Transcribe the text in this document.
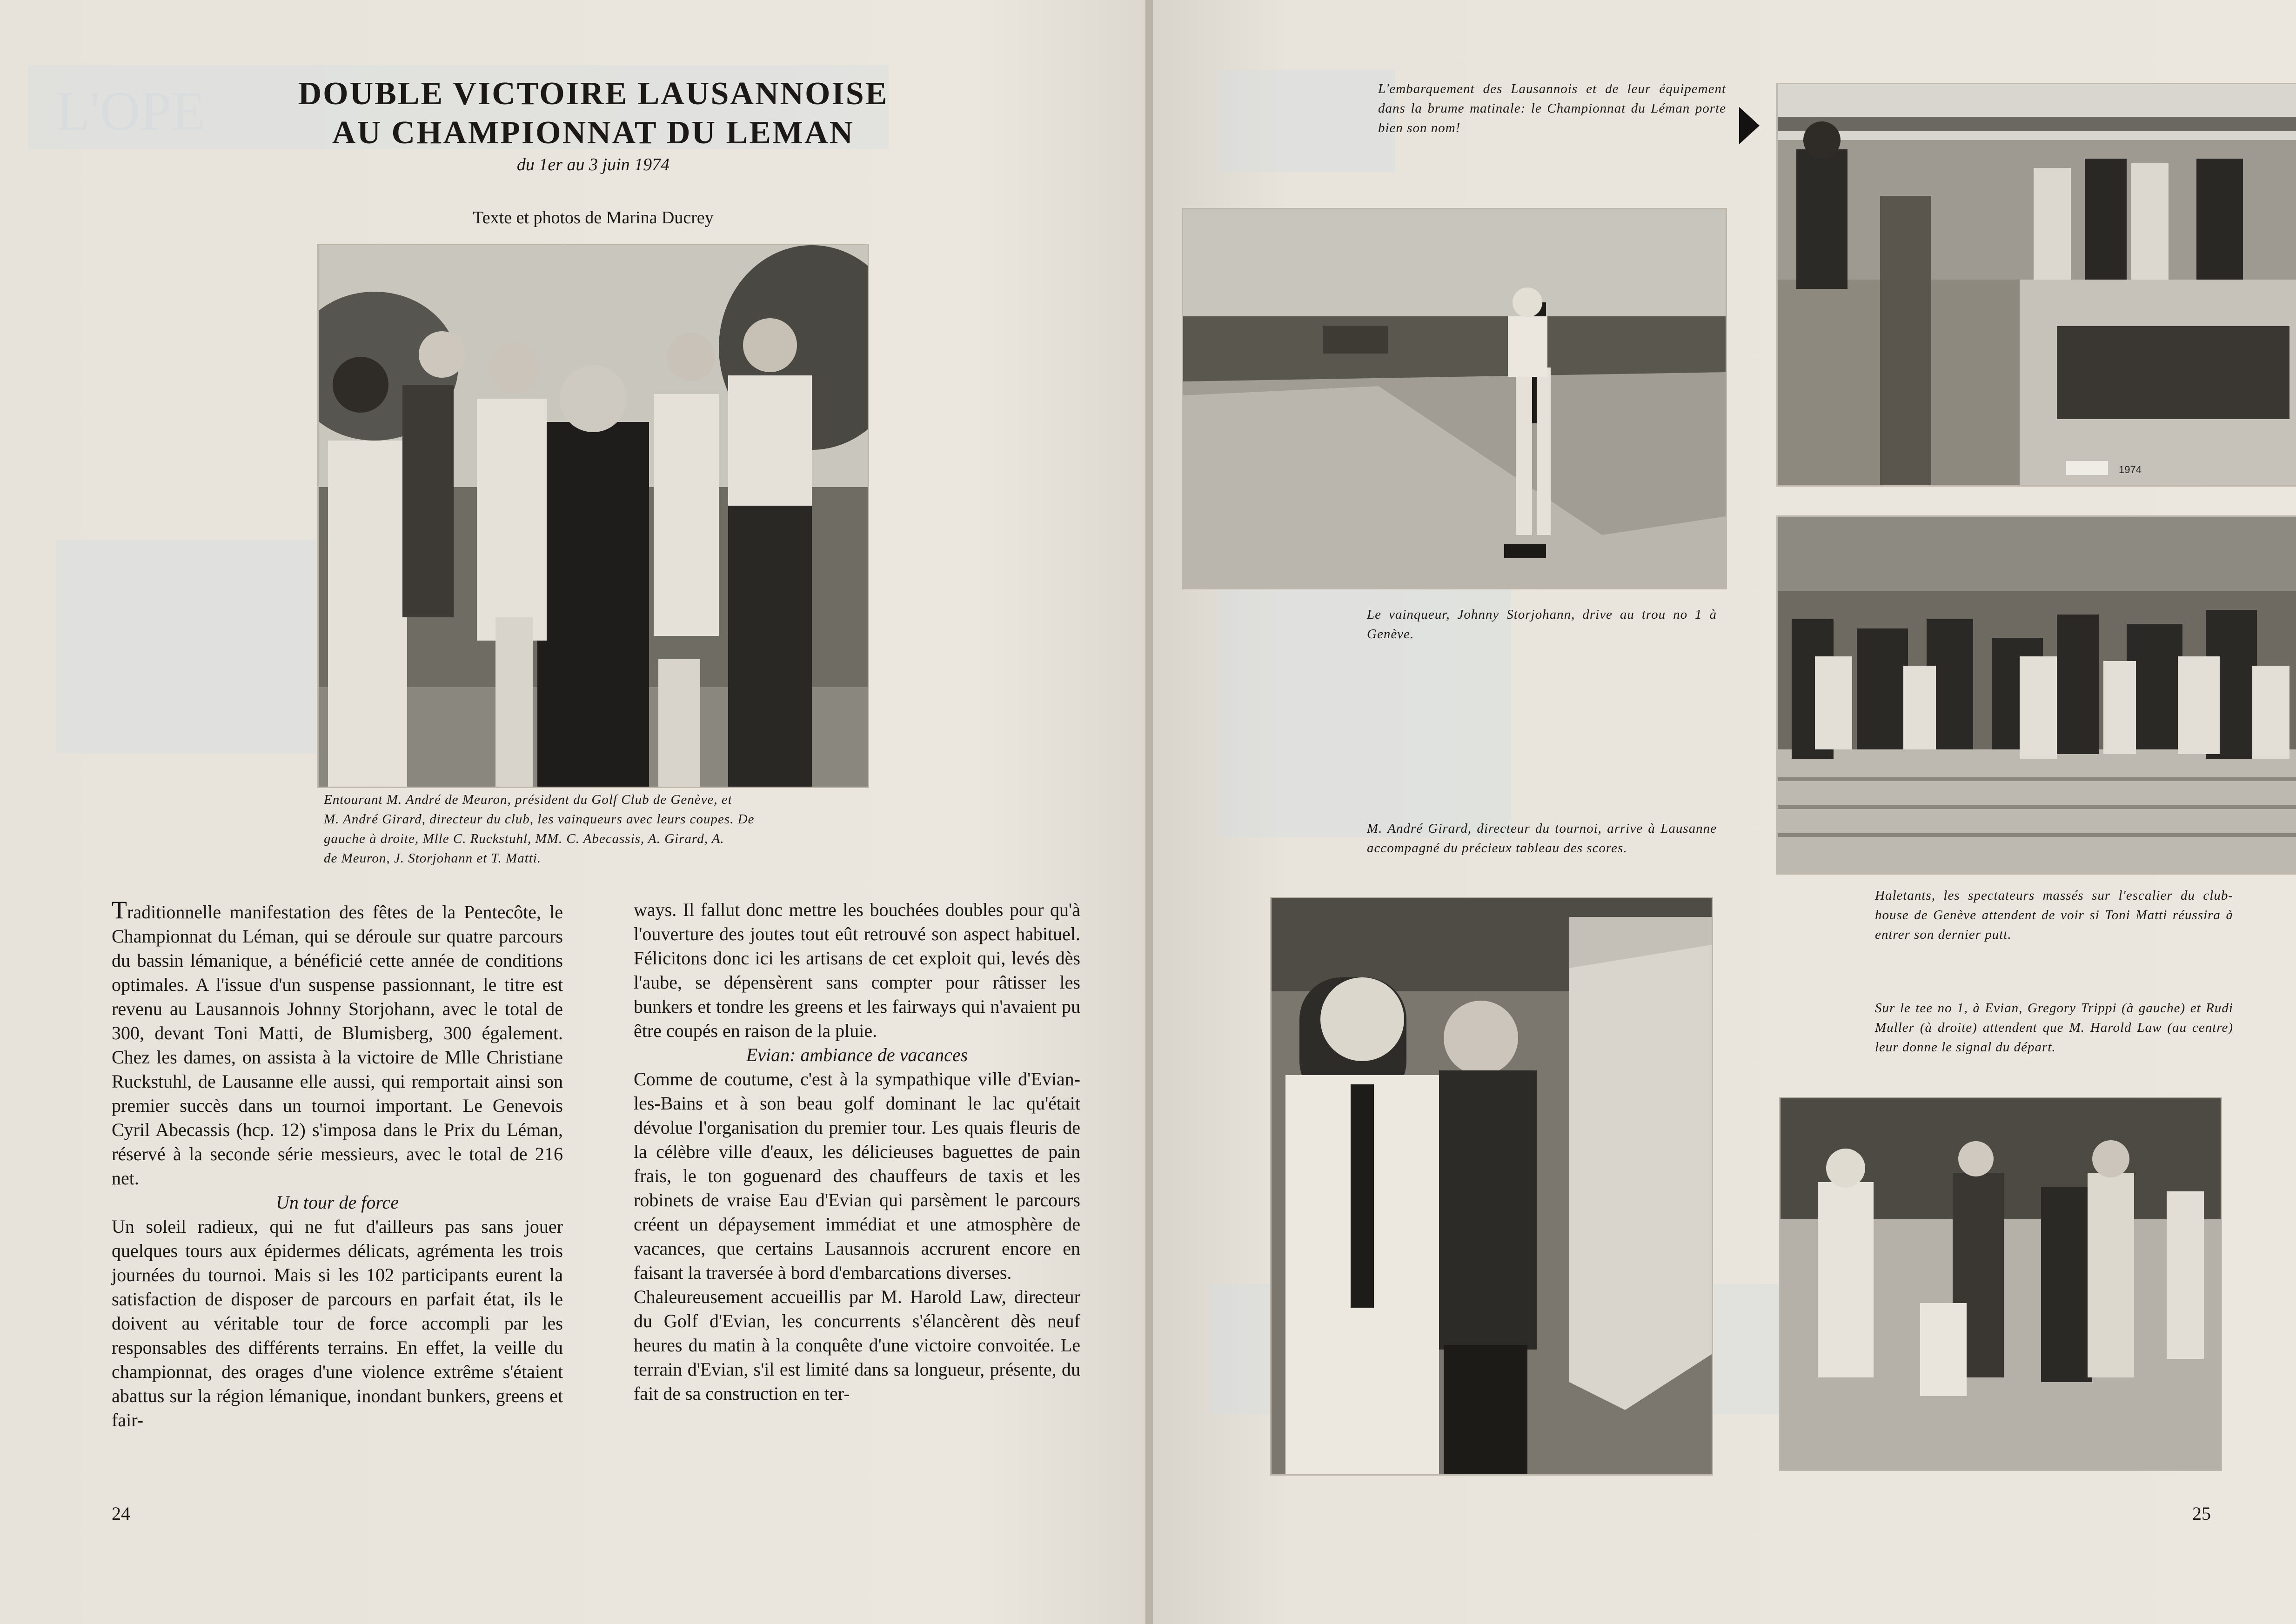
L'OPE	DOUBLE VICTOIRE LAUSANNOISE
AU CHAMPIONNAT DU LEMAN
du 1er au 3 juin 1974
Texte et photos de Marina Ducrey
Entourant M. André de Meuron, président du Golf Club de Genève, et
M. André Girard, directeur du club, les vainqueurs avec leurs coupes. De
gauche à droite, Mlle C. Ruckstuhl, MM. C. Abecassis, A. Girard, A.
de Meuron, J. Storjohann et T. Matti.

Traditionnelle manifestation des fêtes de la Pentecôte, le Championnat du Léman, qui se déroule sur quatre parcours du bassin lémanique, a bénéficié cette année de conditions optimales. A l'issue d'un suspense passionnant, le titre est revenu au Lausannois Johnny Storjohann, avec le total de 300, devant Toni Matti, de Blumisberg, 300 également. Chez les dames, on assista à la victoire de Mlle Christiane Ruckstuhl, de Lausanne elle aussi, qui remportait ainsi son premier succès dans un tournoi important. Le Genevois Cyril Abecassis (hcp. 12) s'imposa dans le Prix du Léman, réservé à la seconde série messieurs, avec le total de 216 net.

Un tour de force

Un soleil radieux, qui ne fut d'ailleurs pas sans jouer quelques tours aux épidermes délicats, agrémenta les trois journées du tournoi. Mais si les 102 participants eurent la satisfaction de disposer de parcours en parfait état, ils le doivent au véritable tour de force accompli par les responsables des différents terrains. En effet, la veille du championnat, des orages d'une violence extrême s'étaient abattus sur la région lémanique, inondant bunkers, greens et fair-

ways. Il fallut donc mettre les bouchées doubles pour qu'à l'ouverture des joutes tout eût retrouvé son aspect habituel. Félicitons donc ici les artisans de cet exploit qui, levés dès l'aube, se dépensèrent sans compter pour râtisser les bunkers et tondre les greens et les fairways qui n'avaient pu être coupés en raison de la pluie.

Evian: ambiance de vacances

Comme de coutume, c'est à la sympathique ville d'Evian-les-Bains et à son beau golf dominant le lac qu'était dévolue l'organisation du premier tour. Les quais fleuris de la célèbre ville d'eaux, les délicieuses baguettes de pain frais, le ton goguenard des chauffeurs de taxis et les robinets de vraise Eau d'Evian qui parsèment le parcours créent un dépaysement immédiat et une atmosphère de vacances, que certains Lausannois accrurent encore en faisant la traversée à bord d'embarcations diverses.

Chaleureusement accueillis par M. Harold Law, directeur du Golf d'Evian, les concurrents s'élancèrent dès neuf heures du matin à la conquête d'une victoire convoitée. Le terrain d'Evian, s'il est limité dans sa longueur, présente, du fait de sa construction en ter-

24
L'embarquement des Lausannois et de leur équipement dans la brume matinale: le Championnat du Léman porte bien son nom!
1974
Le vainqueur, Johnny Storjohann, drive au trou no 1 à Genève.
M. André Girard, directeur du tournoi, arrive à Lausanne accompagné du précieux tableau des scores.
Haletants, les spectateurs massés sur l'escalier du club-house de Genève attendent de voir si Toni Matti réussira à entrer son dernier putt.
Sur le tee no 1, à Evian, Gregory Trippi (à gauche) et Rudi Muller (à droite) attendent que M. Harold Law (au centre) leur donne le signal du départ.
25
